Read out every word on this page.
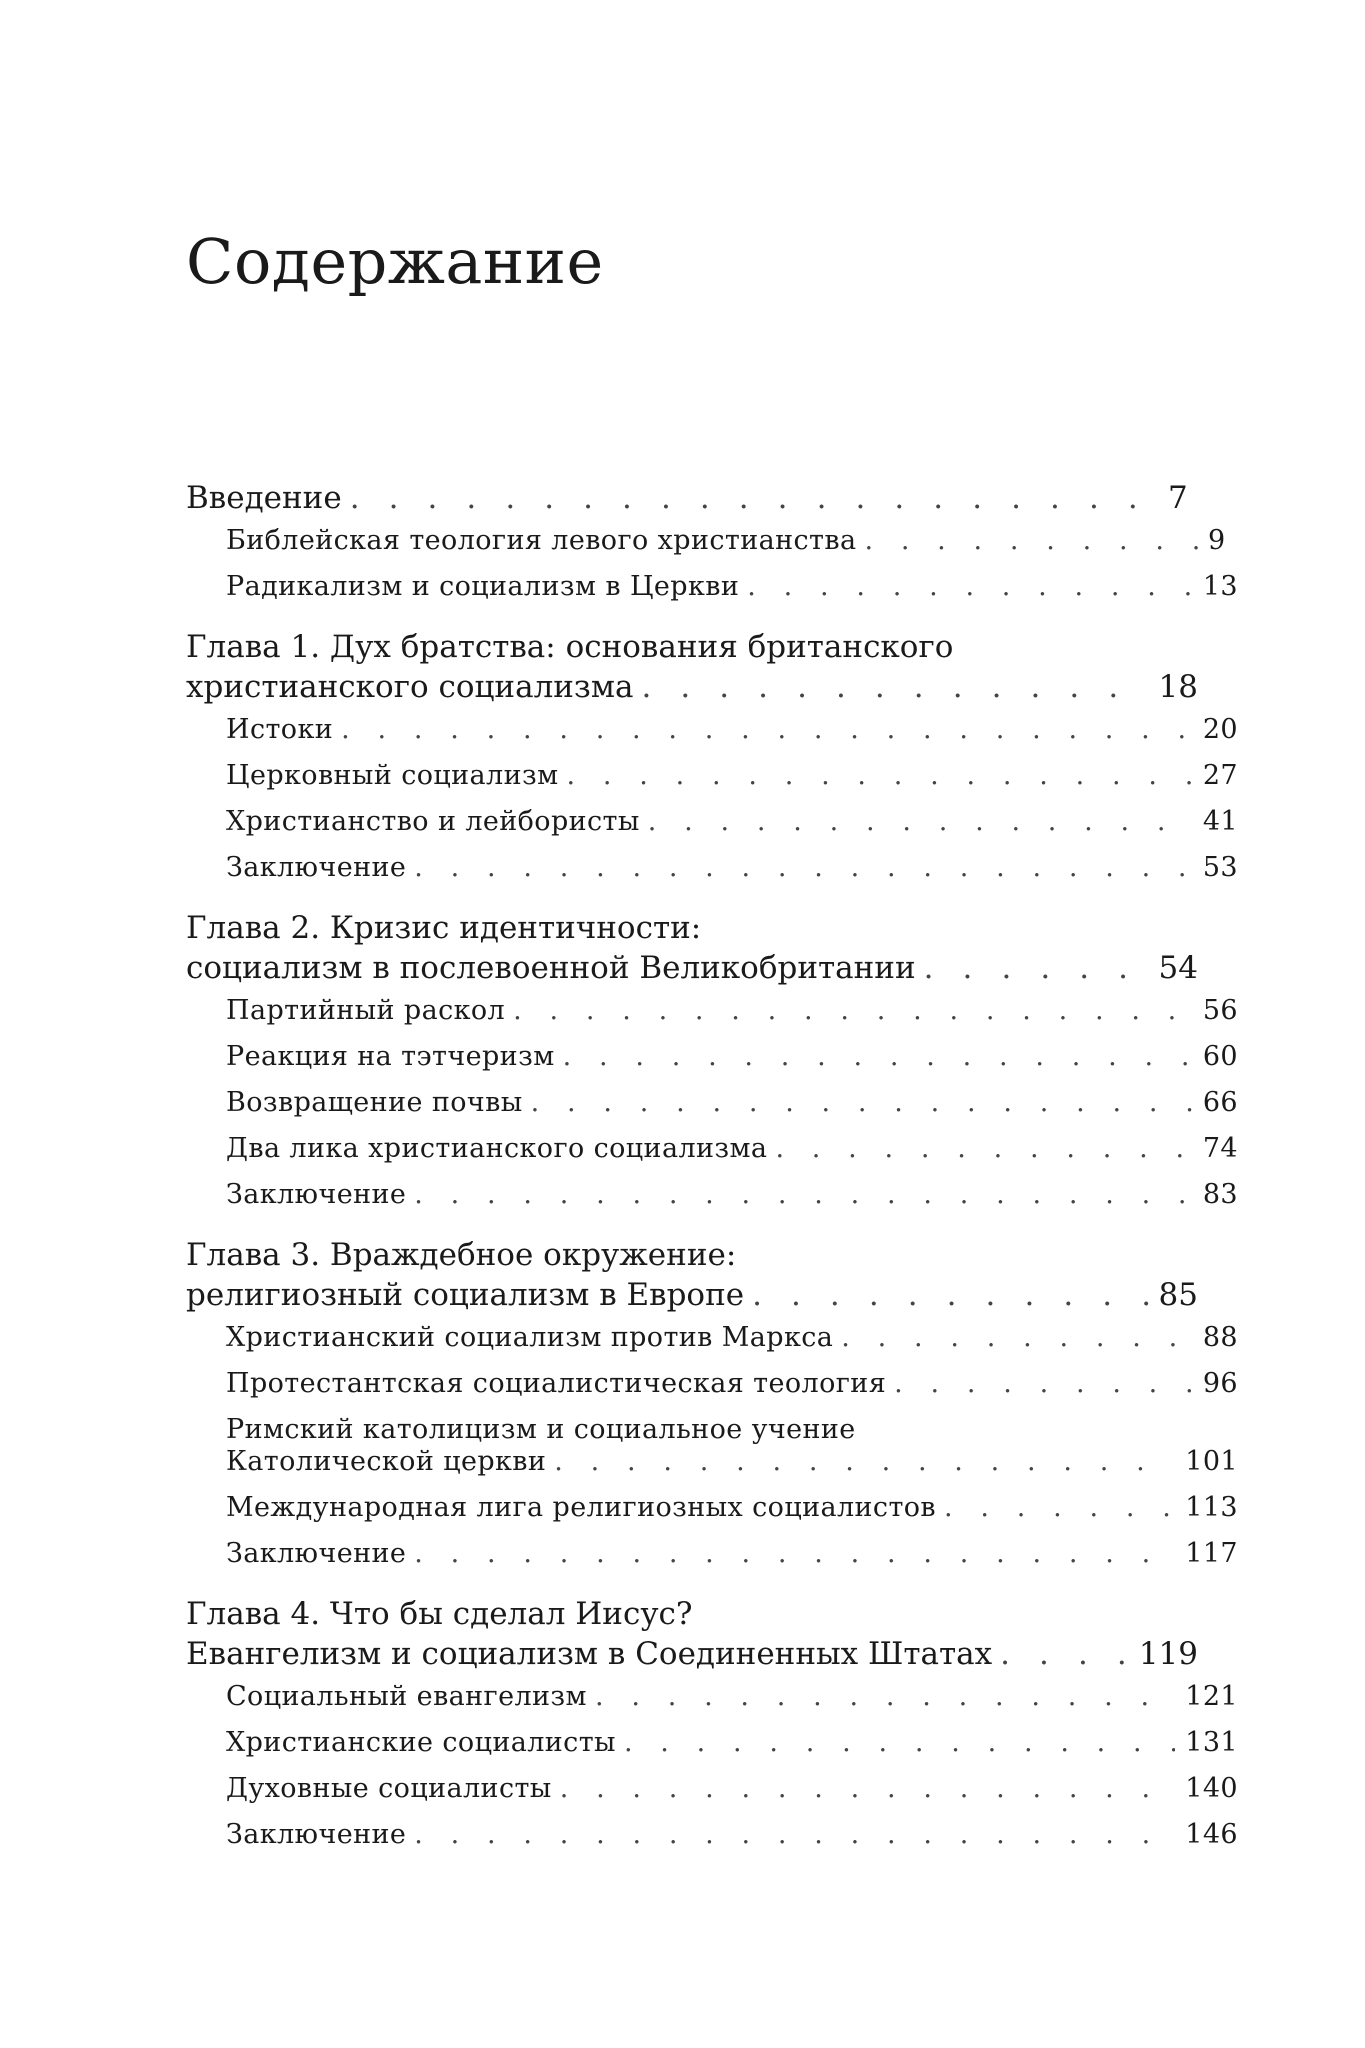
Содержание
Введение . . .	7
Библейская теология левого христианства . . .	9
Радикализм и социализм в Церкви . . .	13
Глава 1. Дух братства: основания британского
христианского социализма . . .	18
Истоки . . .	20
Церковный социализм . . .	27
Христианство и лейбористы . . .	41
Заключение . . .	53
Глава 2. Кризис идентичности:
социализм в послевоенной Великобритании . . .	54
Партийный раскол . . .	56
Реакция на тэтчеризм . . .	60
Возвращение почвы . . .	66
Два лика христианского социализма . . .	74
Заключение . . .	83
Глава 3. Враждебное окружение:
религиозный социализм в Европе . . .	85
Христианский социализм против Маркса . . .	88
Протестантская социалистическая теология . . .	96
Римский католицизм и социальное учение
Католической церкви . . .	101
Международная лига религиозных социалистов . . .	113
Заключение . . .	117
Глава 4. Что бы сделал Иисус?
Евангелизм и социализм в Соединенных Штатах . . .	119
Социальный евангелизм . . .	121
Христианские социалисты . . .	131
Духовные социалисты . . .	140
Заключение . . .	146
